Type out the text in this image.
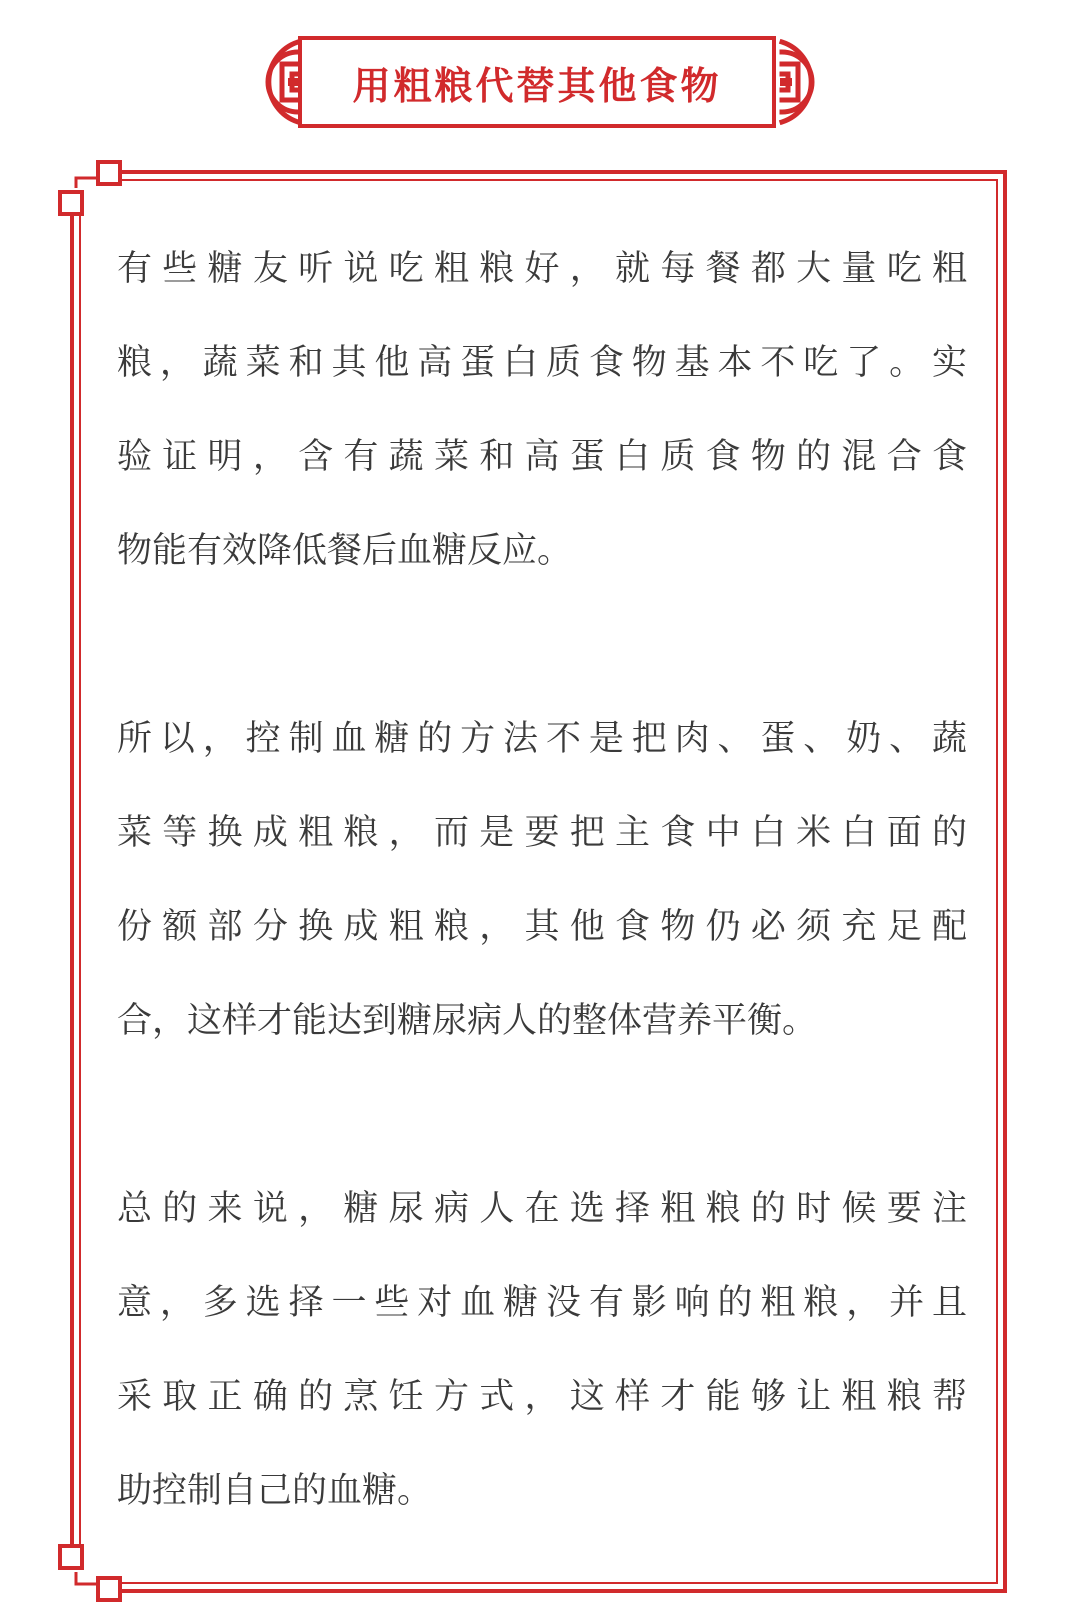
用粗粮代替其他食物

有些糖友听说吃粗粮好，就每餐都大量吃粗
粮，蔬菜和其他高蛋白质食物基本不吃了。实
验证明，含有蔬菜和高蛋白质食物的混合食
物能有效降低餐后血糖反应。

所以，控制血糖的方法不是把肉、蛋、奶、蔬
菜等换成粗粮，而是要把主食中白米白面的
份额部分换成粗粮，其他食物仍必须充足配
合，这样才能达到糖尿病人的整体营养平衡。

总的来说，糖尿病人在选择粗粮的时候要注
意，多选择一些对血糖没有影响的粗粮，并且
采取正确的烹饪方式，这样才能够让粗粮帮
助控制自己的血糖。
